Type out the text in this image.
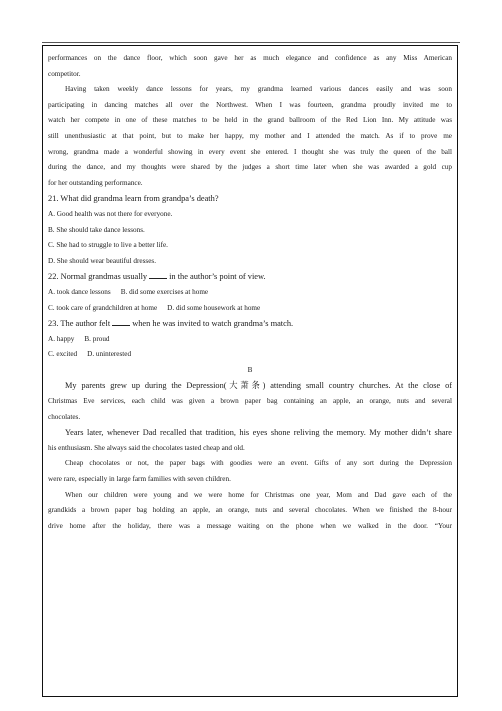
performances on the dance floor, which soon gave her as much elegance and confidence as any Miss American

competitor.

Having taken weekly dance lessons for years, my grandma learned various dances easily and was soon

participating in dancing matches all over the Northwest. When I was fourteen, grandma proudly invited me to

watch her compete in one of these matches to be held in the grand ballroom of the Red Lion Inn. My attitude was

still unenthusiastic at that point, but to make her happy, my mother and I attended the match. As if to prove me

wrong, grandma made a wonderful showing in every event she entered. I thought she was truly the queen of the ball

during the dance, and my thoughts were shared by the judges a short time later when she was awarded a gold cup

for her outstanding performance.

21. What did grandma learn from grandpa’s death?

A. Good health was not there for everyone.

B. She should take dance lessons.

C. She had to struggle to live a better life.

D. She should wear beautiful dresses.

22. Normal grandmas usually	in the author’s point of view.

A. took dance lessons B. did some exercises at home

C. took care of grandchildren at home D. did some housework at home

23. The author felt	when he was invited to watch grandma’s match.

A. happy B. proud

C. excited D. uninterested

B

My parents grew up during the Depression(大萧条) attending small country churches. At the close of

Christmas Eve services, each child was given a brown paper bag containing an apple, an orange, nuts and several

chocolates.

Years later, whenever Dad recalled that tradition, his eyes shone reliving the memory. My mother didn’t share

his enthusiasm. She always said the chocolates tasted cheap and old.

Cheap chocolates or not, the paper bags with goodies were an event. Gifts of any sort during the Depression

were rare, especially in large farm families with seven children.

When our children were young and we were home for Christmas one year, Mom and Dad gave each of the

grandkids a brown paper bag holding an apple, an orange, nuts and several chocolates. When we finished the 8-hour

drive home after the holiday, there was a message waiting on the phone when we walked in the door. “Your
